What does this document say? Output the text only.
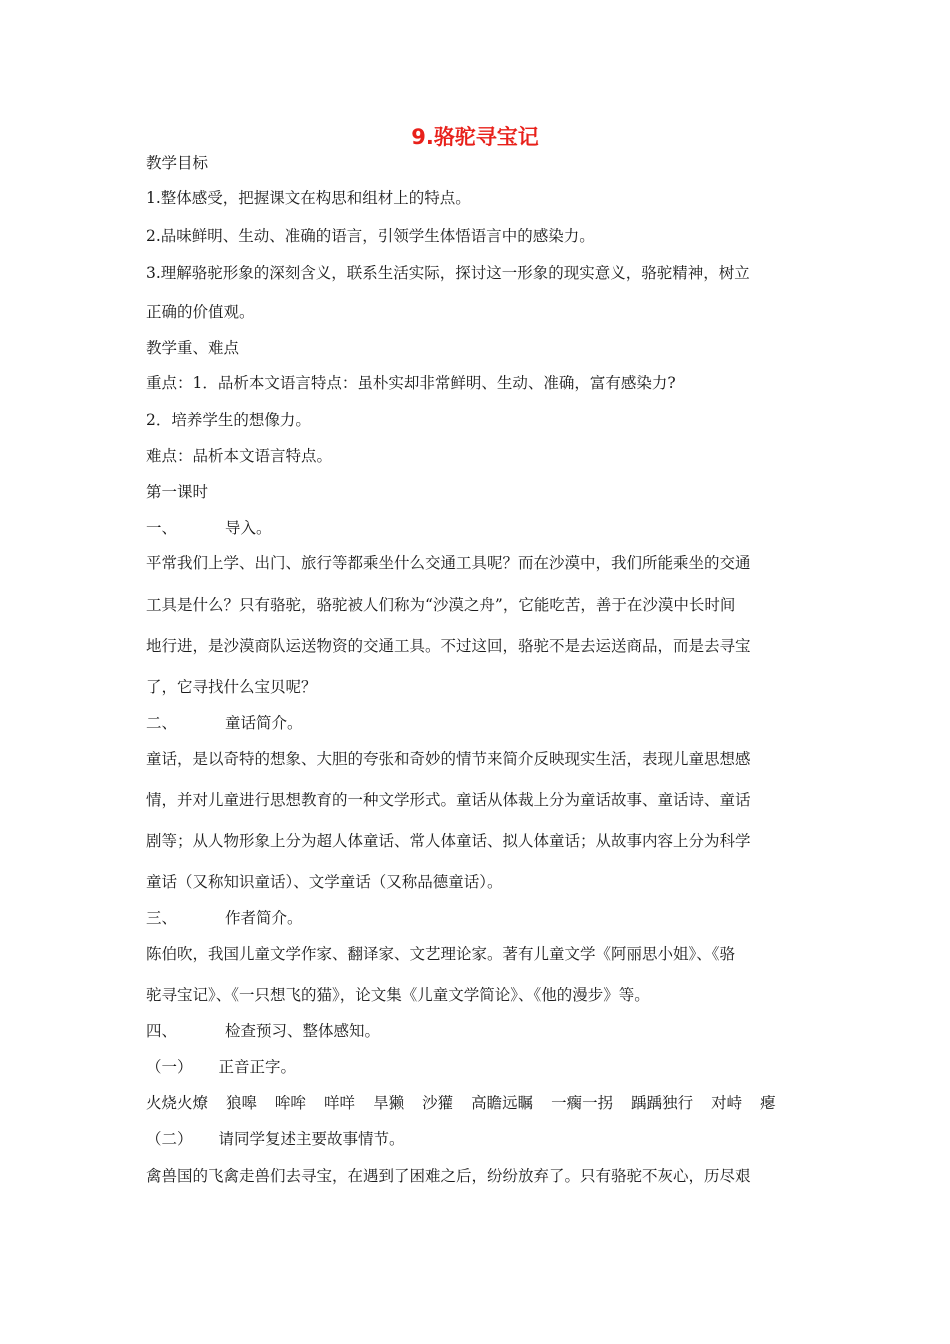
9.骆驼寻宝记
教学目标
1.整体感受，把握课文在构思和组材上的特点。
2.品味鲜明、生动、准确的语言，引领学生体悟语言中的感染力。
3.理解骆驼形象的深刻含义，联系生活实际，探讨这一形象的现实意义，骆驼精神，树立
正确的价值观。
教学重、难点
重点：1．品析本文语言特点：虽朴实却非常鲜明、生动、准确，富有感染力?
2．培养学生的想像力。
难点：品析本文语言特点。
第一课时
一、	导入。
平常我们上学、出门、旅行等都乘坐什么交通工具呢？而在沙漠中，我们所能乘坐的交通
工具是什么？只有骆驼，骆驼被人们称为“沙漠之舟”，它能吃苦，善于在沙漠中长时间
地行进，是沙漠商队运送物资的交通工具。不过这回，骆驼不是去运送商品，而是去寻宝
了，它寻找什么宝贝呢？
二、	童话简介。
童话，是以奇特的想象、大胆的夸张和奇妙的情节来简介反映现实生活，表现儿童思想感
情，并对儿童进行思想教育的一种文学形式。童话从体裁上分为童话故事、童话诗、童话
剧等；从人物形象上分为超人体童话、常人体童话、拟人体童话；从故事内容上分为科学
童话（又称知识童话）、文学童话（又称品德童话）。
三、	作者简介。
陈伯吹，我国儿童文学作家、翻译家、文艺理论家。著有儿童文学《阿丽思小姐》、《骆
驼寻宝记》、《一只想飞的猫》，论文集《儿童文学简论》、《他的漫步》等。
四、	检查预习、整体感知。
（一） 正音正字。
火烧火燎 狼嗥 哞哞 咩咩 旱獭 沙獾 高瞻远瞩 一瘸一拐 踽踽独行 对峙 瘪
（二） 请同学复述主要故事情节。
禽兽国的飞禽走兽们去寻宝，在遇到了困难之后，纷纷放弃了。只有骆驼不灰心，历尽艰
